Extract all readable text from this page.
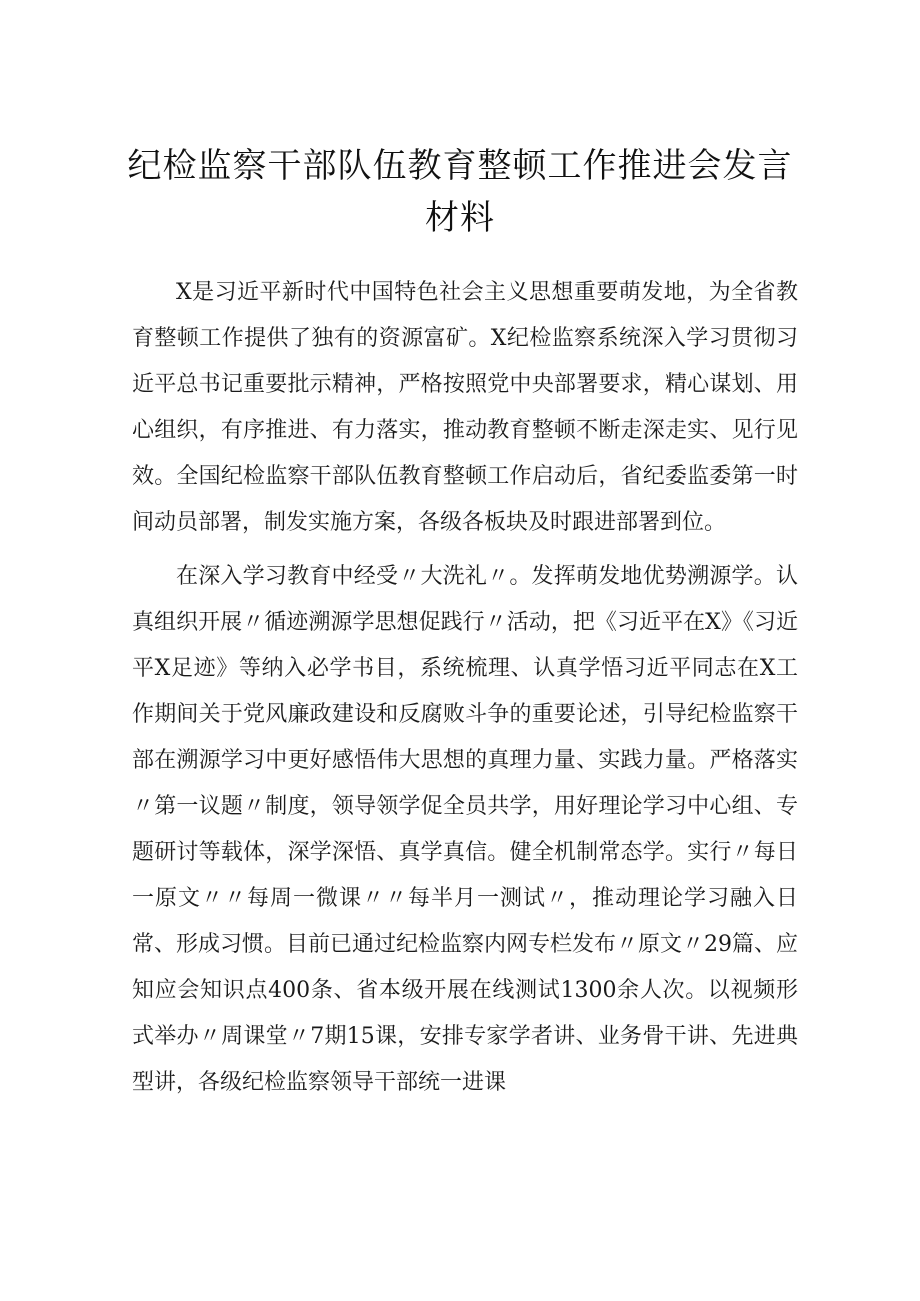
纪检监察干部队伍教育整顿工作推进会发言材料

X是习近平新时代中国特色社会主义思想重要萌发地，为全省教育整顿工作提供了独有的资源富矿。X纪检监察系统深入学习贯彻习近平总书记重要批示精神，严格按照党中央部署要求，精心谋划、用心组织，有序推进、有力落实，推动教育整顿不断走深走实、见行见效。全国纪检监察干部队伍教育整顿工作启动后，省纪委监委第一时间动员部署，制发实施方案，各级各板块及时跟进部署到位。

在深入学习教育中经受〃大洗礼〃。发挥萌发地优势溯源学。认真组织开展〃循迹溯源学思想促践行〃活动，把《习近平在X》《习近平X足迹》等纳入必学书目，系统梳理、认真学悟习近平同志在X工作期间关于党风廉政建设和反腐败斗争的重要论述，引导纪检监察干部在溯源学习中更好感悟伟大思想的真理力量、实践力量。严格落实〃第一议题〃制度，领导领学促全员共学，用好理论学习中心组、专题研讨等载体，深学深悟、真学真信。健全机制常态学。实行〃每日一原文〃〃每周一微课〃〃每半月一测试〃，推动理论学习融入日常、形成习惯。目前已通过纪检监察内网专栏发布〃原文〃29篇、应知应会知识点400条、省本级开展在线测试1300余人次。以视频形式举办〃周课堂〃7期15课，安排专家学者讲、业务骨干讲、先进典型讲，各级纪检监察领导干部统一进课
